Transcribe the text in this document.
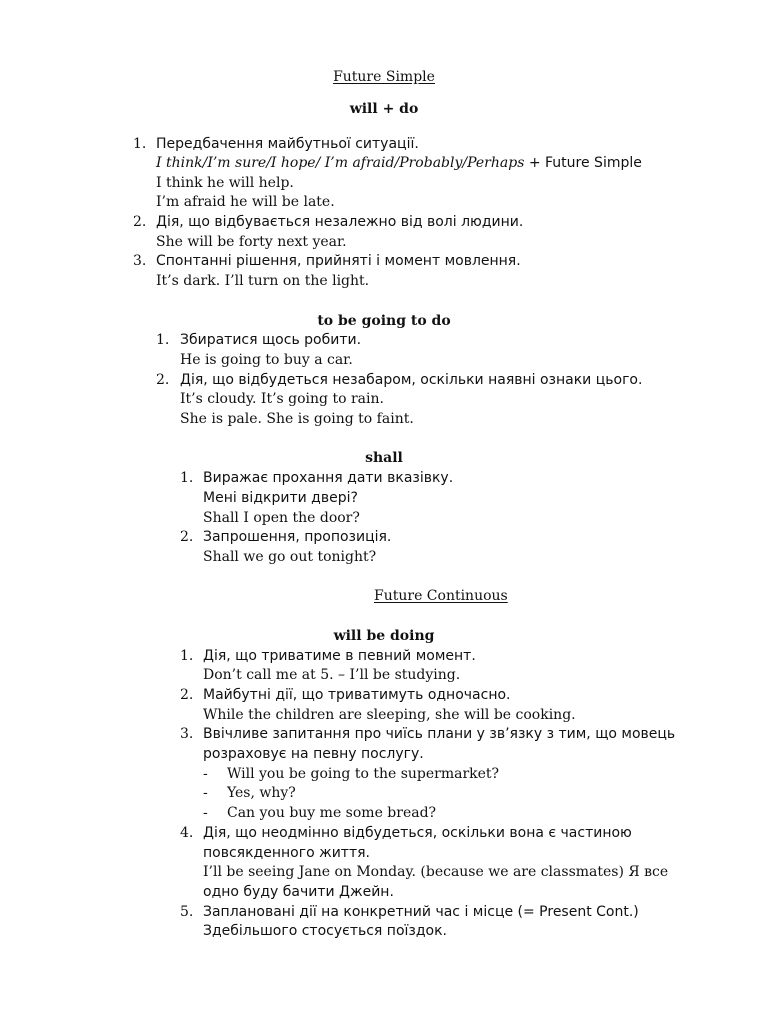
Future Simple
will + do
1. Передбачення майбутньої ситуації.
I think/I’m sure/I hope/ I’m afraid/Probably/Perhaps + Future Simple
I think he will help.
I’m afraid he will be late.
2. Дія, що відбувається незалежно від волі людини.
She will be forty next year.
3. Спонтанні рішення, прийняті і момент мовлення.
It’s dark. I’ll turn on the light.
to be going to do
1. Збиратися щось робити.
He is going to buy a car.
2. Дія, що відбудеться незабаром, оскільки наявні ознаки цього.
It’s cloudy. It’s going to rain.
She is pale. She is going to faint.
shall
1. Виражає прохання дати вказівку.
Мені відкрити двері?
Shall I open the door?
2. Запрошення, пропозиція.
Shall we go out tonight?
Future Continuous
will be doing
1. Дія, що триватиме в певний момент.
Don’t call me at 5. – I’ll be studying.
2. Майбутні дії, що триватимуть одночасно.
While the children are sleeping, she will be cooking.
3. Ввічливе запитання про чиїсь плани у зв’язку з тим, що мовець
розраховує на певну послугу.
- Will you be going to the supermarket?
- Yes, why?
- Can you buy me some bread?
4. Дія, що неодмінно відбудеться, оскільки вона є частиною
повсякденного життя.
I’ll be seeing Jane on Monday. (because we are classmates) Я все
одно буду бачити Джейн.
5. Заплановані дії на конкретний час і місце (= Present Cont.)
Здебільшого стосується поїздок.
